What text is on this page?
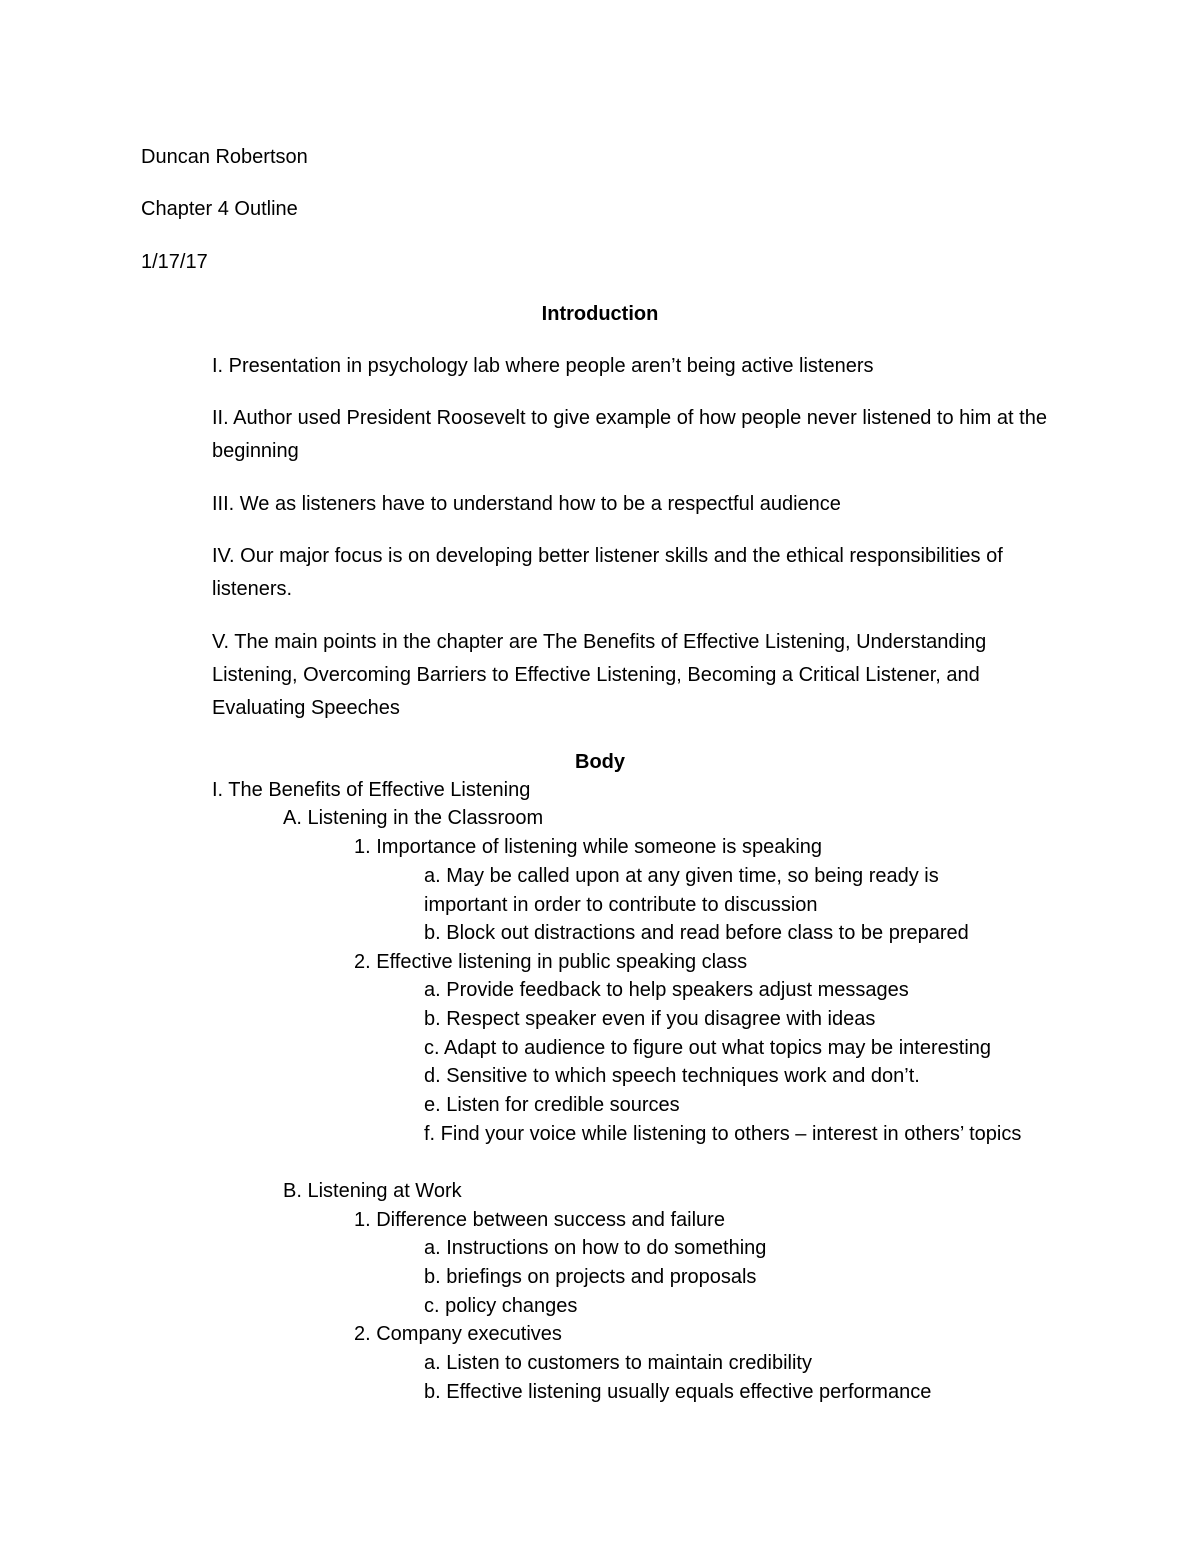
Duncan Robertson
Chapter 4 Outline
1/17/17
Introduction
I. Presentation in psychology lab where people aren’t being active listeners
II. Author used President Roosevelt to give example of how people never listened to him at the beginning
III. We as listeners have to understand how to be a respectful audience
IV. Our major focus is on developing better listener skills and the ethical responsibilities of listeners.
V. The main points in the chapter are The Benefits of Effective Listening, Understanding Listening, Overcoming Barriers to Effective Listening, Becoming a Critical Listener, and Evaluating Speeches
Body
I. The Benefits of Effective Listening
A. Listening in the Classroom
1. Importance of listening while someone is speaking
a. May be called upon at any given time, so being ready is important in order to contribute to discussion
b. Block out distractions and read before class to be prepared
2. Effective listening in public speaking class
a. Provide feedback to help speakers adjust messages
b. Respect speaker even if you disagree with ideas
c. Adapt to audience to figure out what topics may be interesting
d. Sensitive to which speech techniques work and don’t.
e. Listen for credible sources
f. Find your voice while listening to others – interest in others’ topics
B. Listening at Work
1. Difference between success and failure
a. Instructions on how to do something
b. briefings on projects and proposals
c. policy changes
2. Company executives
a. Listen to customers to maintain credibility
b. Effective listening usually equals effective performance
